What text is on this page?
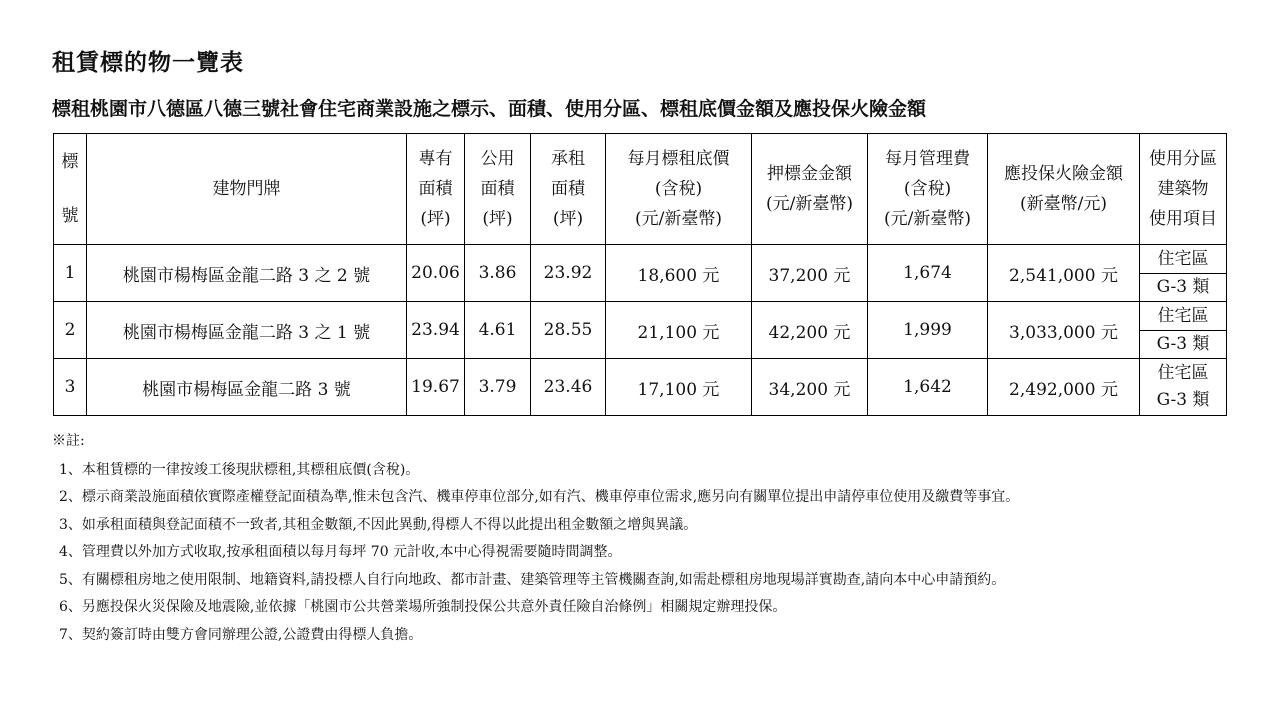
租賃標的物一覽表
標租桃園市八德區八德三號社會住宅商業設施之標示、面積、使用分區、標租底價金額及應投保火險金額
標
號	建物門牌	專有
面積
(坪)	公用
面積
(坪)	承租
面積
(坪)	每月標租底價
(含稅)
(元/新臺幣)	押標金金額
(元/新臺幣)	每月管理費
(含稅)
(元/新臺幣)	應投保火險金額
(新臺幣/元)	使用分區
建築物
使用項目

1	桃園市楊梅區金龍二路 3 之 2 號	20.06	3.86	23.92	18,600 元	37,200 元	1,674	2,541,000 元	住宅區
G-3 類

2	桃園市楊梅區金龍二路 3 之 1 號	23.94	4.61	28.55	21,100 元	42,200 元	1,999	3,033,000 元	住宅區
G-3 類

3	桃園市楊梅區金龍二路 3 號	19.67	3.79	23.46	17,100 元	34,200 元	1,642	2,492,000 元	住宅區
G-3 類
※註:
1、本租賃標的一律按竣工後現狀標租,其標租底價(含稅)。
2、標示商業設施面積依實際產權登記面積為準,惟未包含汽、機車停車位部分,如有汽、機車停車位需求,應另向有關單位提出申請停車位使用及繳費等事宜。
3、如承租面積與登記面積不一致者,其租金數額,不因此異動,得標人不得以此提出租金數額之增與異議。
4、管理費以外加方式收取,按承租面積以每月每坪 70 元計收,本中心得視需要隨時間調整。
5、有關標租房地之使用限制、地籍資料,請投標人自行向地政、都市計畫、建築管理等主管機關查詢,如需赴標租房地現場詳實勘查,請向本中心申請預約。
6、另應投保火災保險及地震險,並依據「桃園市公共營業場所強制投保公共意外責任險自治條例」相關規定辦理投保。
7、契約簽訂時由雙方會同辦理公證,公證費由得標人負擔。
